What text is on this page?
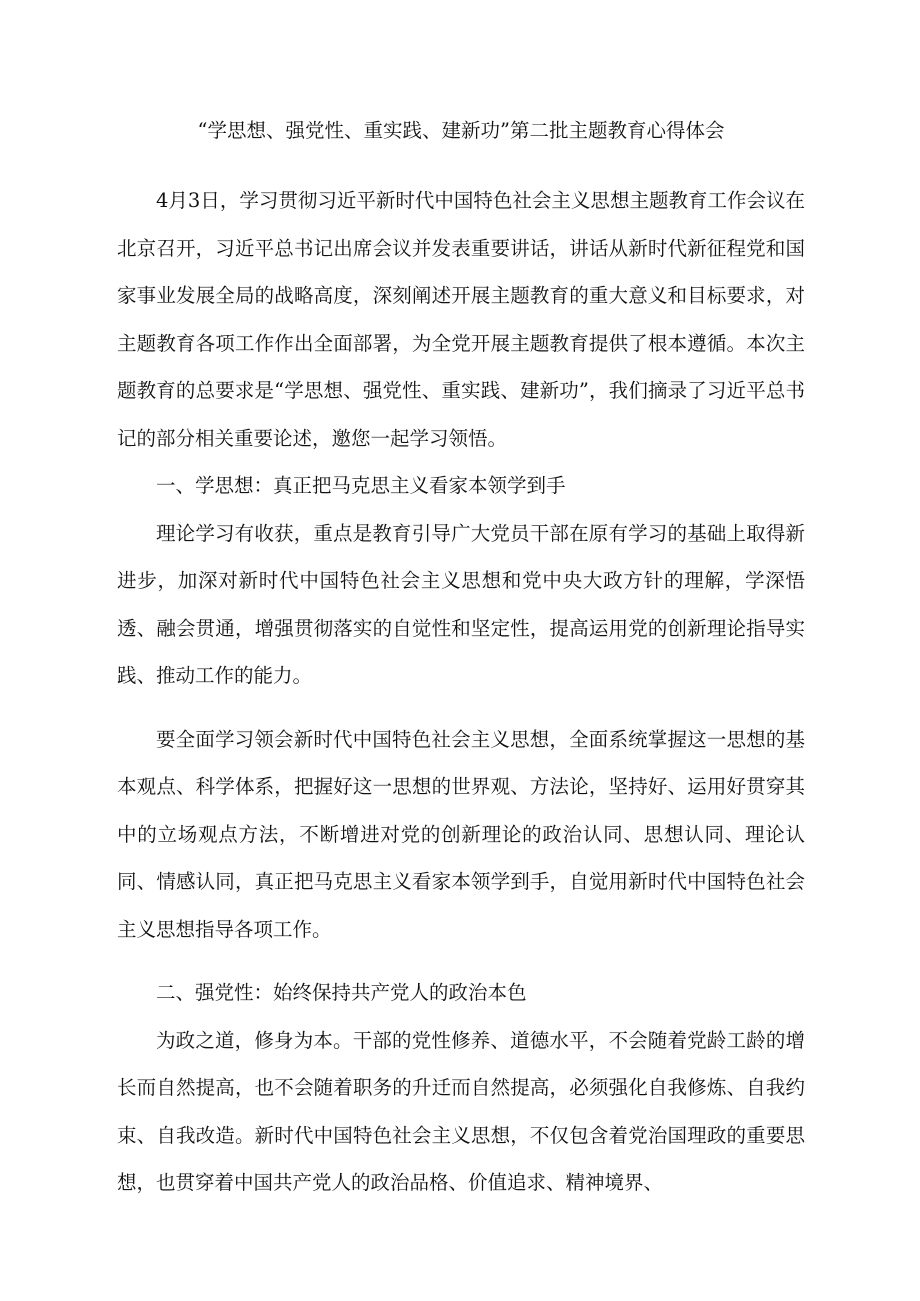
“学思想、强党性、重实践、建新功”第二批主题教育心得体会

4月3日，学习贯彻习近平新时代中国特色社会主义思想主题教育工作会议在北京召开，习近平总书记出席会议并发表重要讲话，讲话从新时代新征程党和国家事业发展全局的战略高度，深刻阐述开展主题教育的重大意义和目标要求，对主题教育各项工作作出全面部署，为全党开展主题教育提供了根本遵循。本次主题教育的总要求是“学思想、强党性、重实践、建新功”，我们摘录了习近平总书记的部分相关重要论述，邀您一起学习领悟。

一、学思想：真正把马克思主义看家本领学到手

理论学习有收获，重点是教育引导广大党员干部在原有学习的基础上取得新进步，加深对新时代中国特色社会主义思想和党中央大政方针的理解，学深悟透、融会贯通，增强贯彻落实的自觉性和坚定性，提高运用党的创新理论指导实践、推动工作的能力。

要全面学习领会新时代中国特色社会主义思想，全面系统掌握这一思想的基本观点、科学体系，把握好这一思想的世界观、方法论，坚持好、运用好贯穿其中的立场观点方法，不断增进对党的创新理论的政治认同、思想认同、理论认同、情感认同，真正把马克思主义看家本领学到手，自觉用新时代中国特色社会主义思想指导各项工作。

二、强党性：始终保持共产党人的政治本色

为政之道，修身为本。干部的党性修养、道德水平，不会随着党龄工龄的增长而自然提高，也不会随着职务的升迁而自然提高，必须强化自我修炼、自我约束、自我改造。新时代中国特色社会主义思想，不仅包含着党治国理政的重要思想，也贯穿着中国共产党人的政治品格、价值追求、精神境界、
